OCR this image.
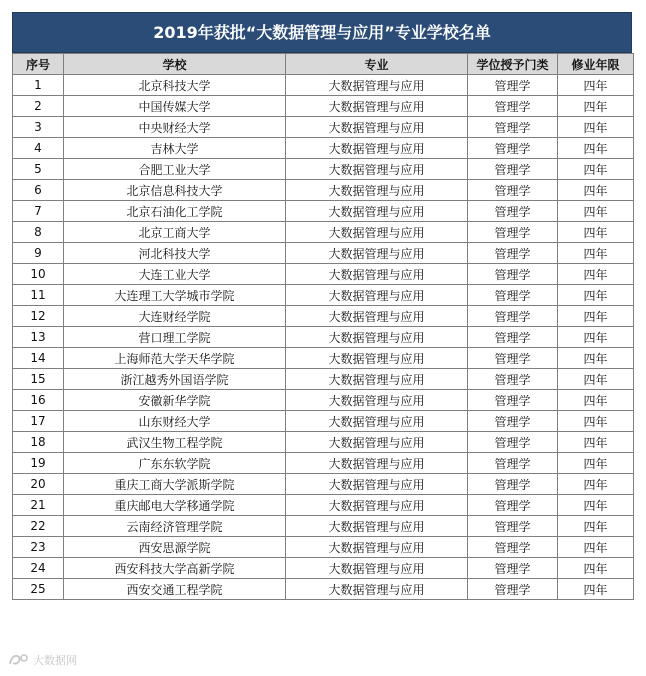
2019年获批“大数据管理与应用”专业学校名单
序号	学校	专业	学位授予门类	修业年限
1	北京科技大学	大数据管理与应用	管理学	四年
2	中国传媒大学	大数据管理与应用	管理学	四年
3	中央财经大学	大数据管理与应用	管理学	四年
4	吉林大学	大数据管理与应用	管理学	四年
5	合肥工业大学	大数据管理与应用	管理学	四年
6	北京信息科技大学	大数据管理与应用	管理学	四年
7	北京石油化工学院	大数据管理与应用	管理学	四年
8	北京工商大学	大数据管理与应用	管理学	四年
9	河北科技大学	大数据管理与应用	管理学	四年
10	大连工业大学	大数据管理与应用	管理学	四年
11	大连理工大学城市学院	大数据管理与应用	管理学	四年
12	大连财经学院	大数据管理与应用	管理学	四年
13	营口理工学院	大数据管理与应用	管理学	四年
14	上海师范大学天华学院	大数据管理与应用	管理学	四年
15	浙江越秀外国语学院	大数据管理与应用	管理学	四年
16	安徽新华学院	大数据管理与应用	管理学	四年
17	山东财经大学	大数据管理与应用	管理学	四年
18	武汉生物工程学院	大数据管理与应用	管理学	四年
19	广东东软学院	大数据管理与应用	管理学	四年
20	重庆工商大学派斯学院	大数据管理与应用	管理学	四年
21	重庆邮电大学移通学院	大数据管理与应用	管理学	四年
22	云南经济管理学院	大数据管理与应用	管理学	四年
23	西安思源学院	大数据管理与应用	管理学	四年
24	西安科技大学高新学院	大数据管理与应用	管理学	四年
25	西安交通工程学院	大数据管理与应用	管理学	四年
大数据网
